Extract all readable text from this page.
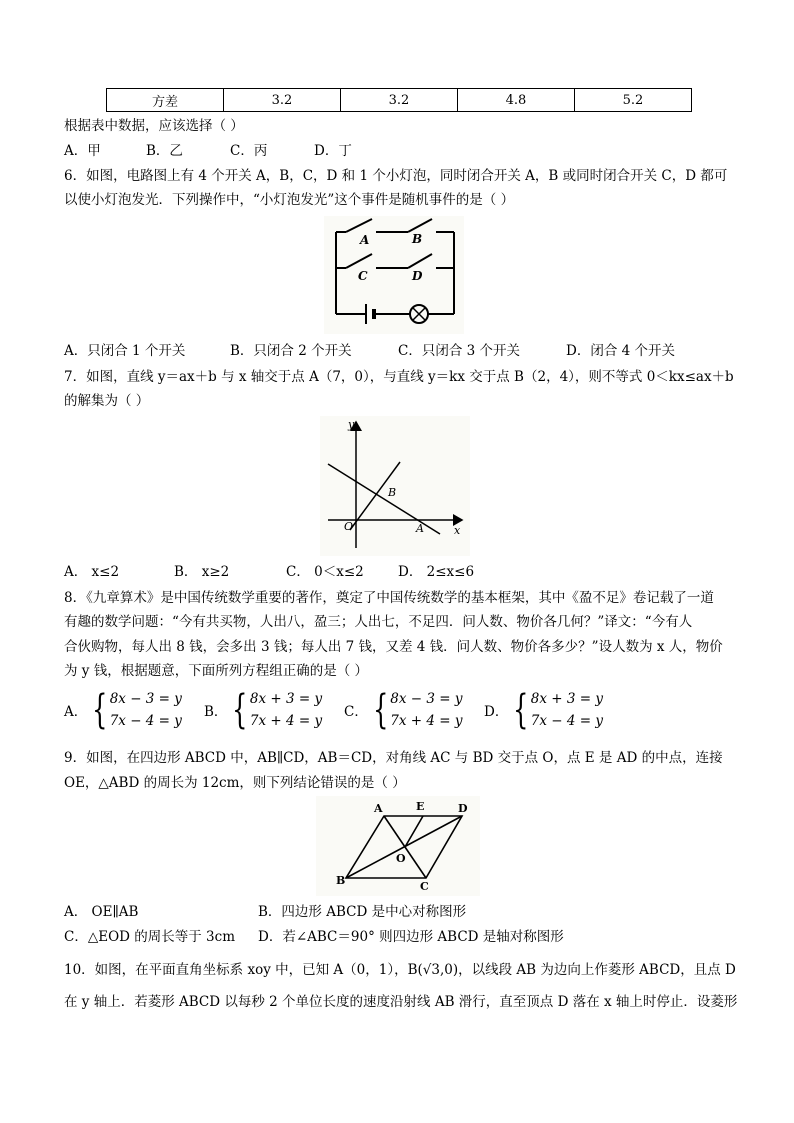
方差	3.2	3.2	4.8	5.2
根据表中数据，应该选择（ ）
A．甲	B．乙	C．丙	D．丁
6．如图，电路图上有 4 个开关 A，B，C，D 和 1 个小灯泡，同时闭合开关 A，B 或同时闭合开关 C，D 都可
以使小灯泡发光．下列操作中，“小灯泡发光”这个事件是随机事件的是（ ）
A	B
C	D
A．只闭合 1 个开关	B．只闭合 2 个开关	C．只闭合 3 个开关	D．闭合 4 个开关
7．如图，直线 y＝ax＋b 与 x 轴交于点 A（7，0），与直线 y＝kx 交于点 B（2，4），则不等式 0＜kx≤ax＋b
的解集为（ ）
y
x
O	A
B
A． x≤2	B． x≥2	C． 0＜x≤2	D． 2≤x≤6
8．《九章算术》是中国传统数学重要的著作，奠定了中国传统数学的基本框架，其中《盈不足》卷记载了一道
有趣的数学问题：“今有共买物，人出八，盈三；人出七，不足四．问人数、物价各几何？”译文：“今有人
合伙购物，每人出 8 钱，会多出 3 钱；每人出 7 钱，又差 4 钱．问人数、物价各多少？”设人数为 x 人，物价
为 y 钱，根据题意，下面所列方程组正确的是（ ）
A． { 8x − 3 = y
7x − 4 = y
B． { 8x + 3 = y
7x + 4 = y
C． { 8x − 3 = y
7x + 4 = y
D． { 8x + 3 = y
7x − 4 = y
9．如图，在四边形 ABCD 中，AB∥CD，AB＝CD，对角线 AC 与 BD 交于点 O，点 E 是 AD 的中点，连接
OE，△ABD 的周长为 12cm，则下列结论错误的是（ ）
A	E	D
O
B	C
A． OE∥AB	B．四边形 ABCD 是中心对称图形
C．△EOD 的周长等于 3cm D．若∠ABC＝90° 则四边形 ABCD 是轴对称图形
10．如图，在平面直角坐标系 xoy 中，已知 A（0，1），B(√3,0)，以线段 AB 为边向上作菱形 ABCD，且点 D
在 y 轴上．若菱形 ABCD 以每秒 2 个单位长度的速度沿射线 AB 滑行，直至顶点 D 落在 x 轴上时停止．设菱形
